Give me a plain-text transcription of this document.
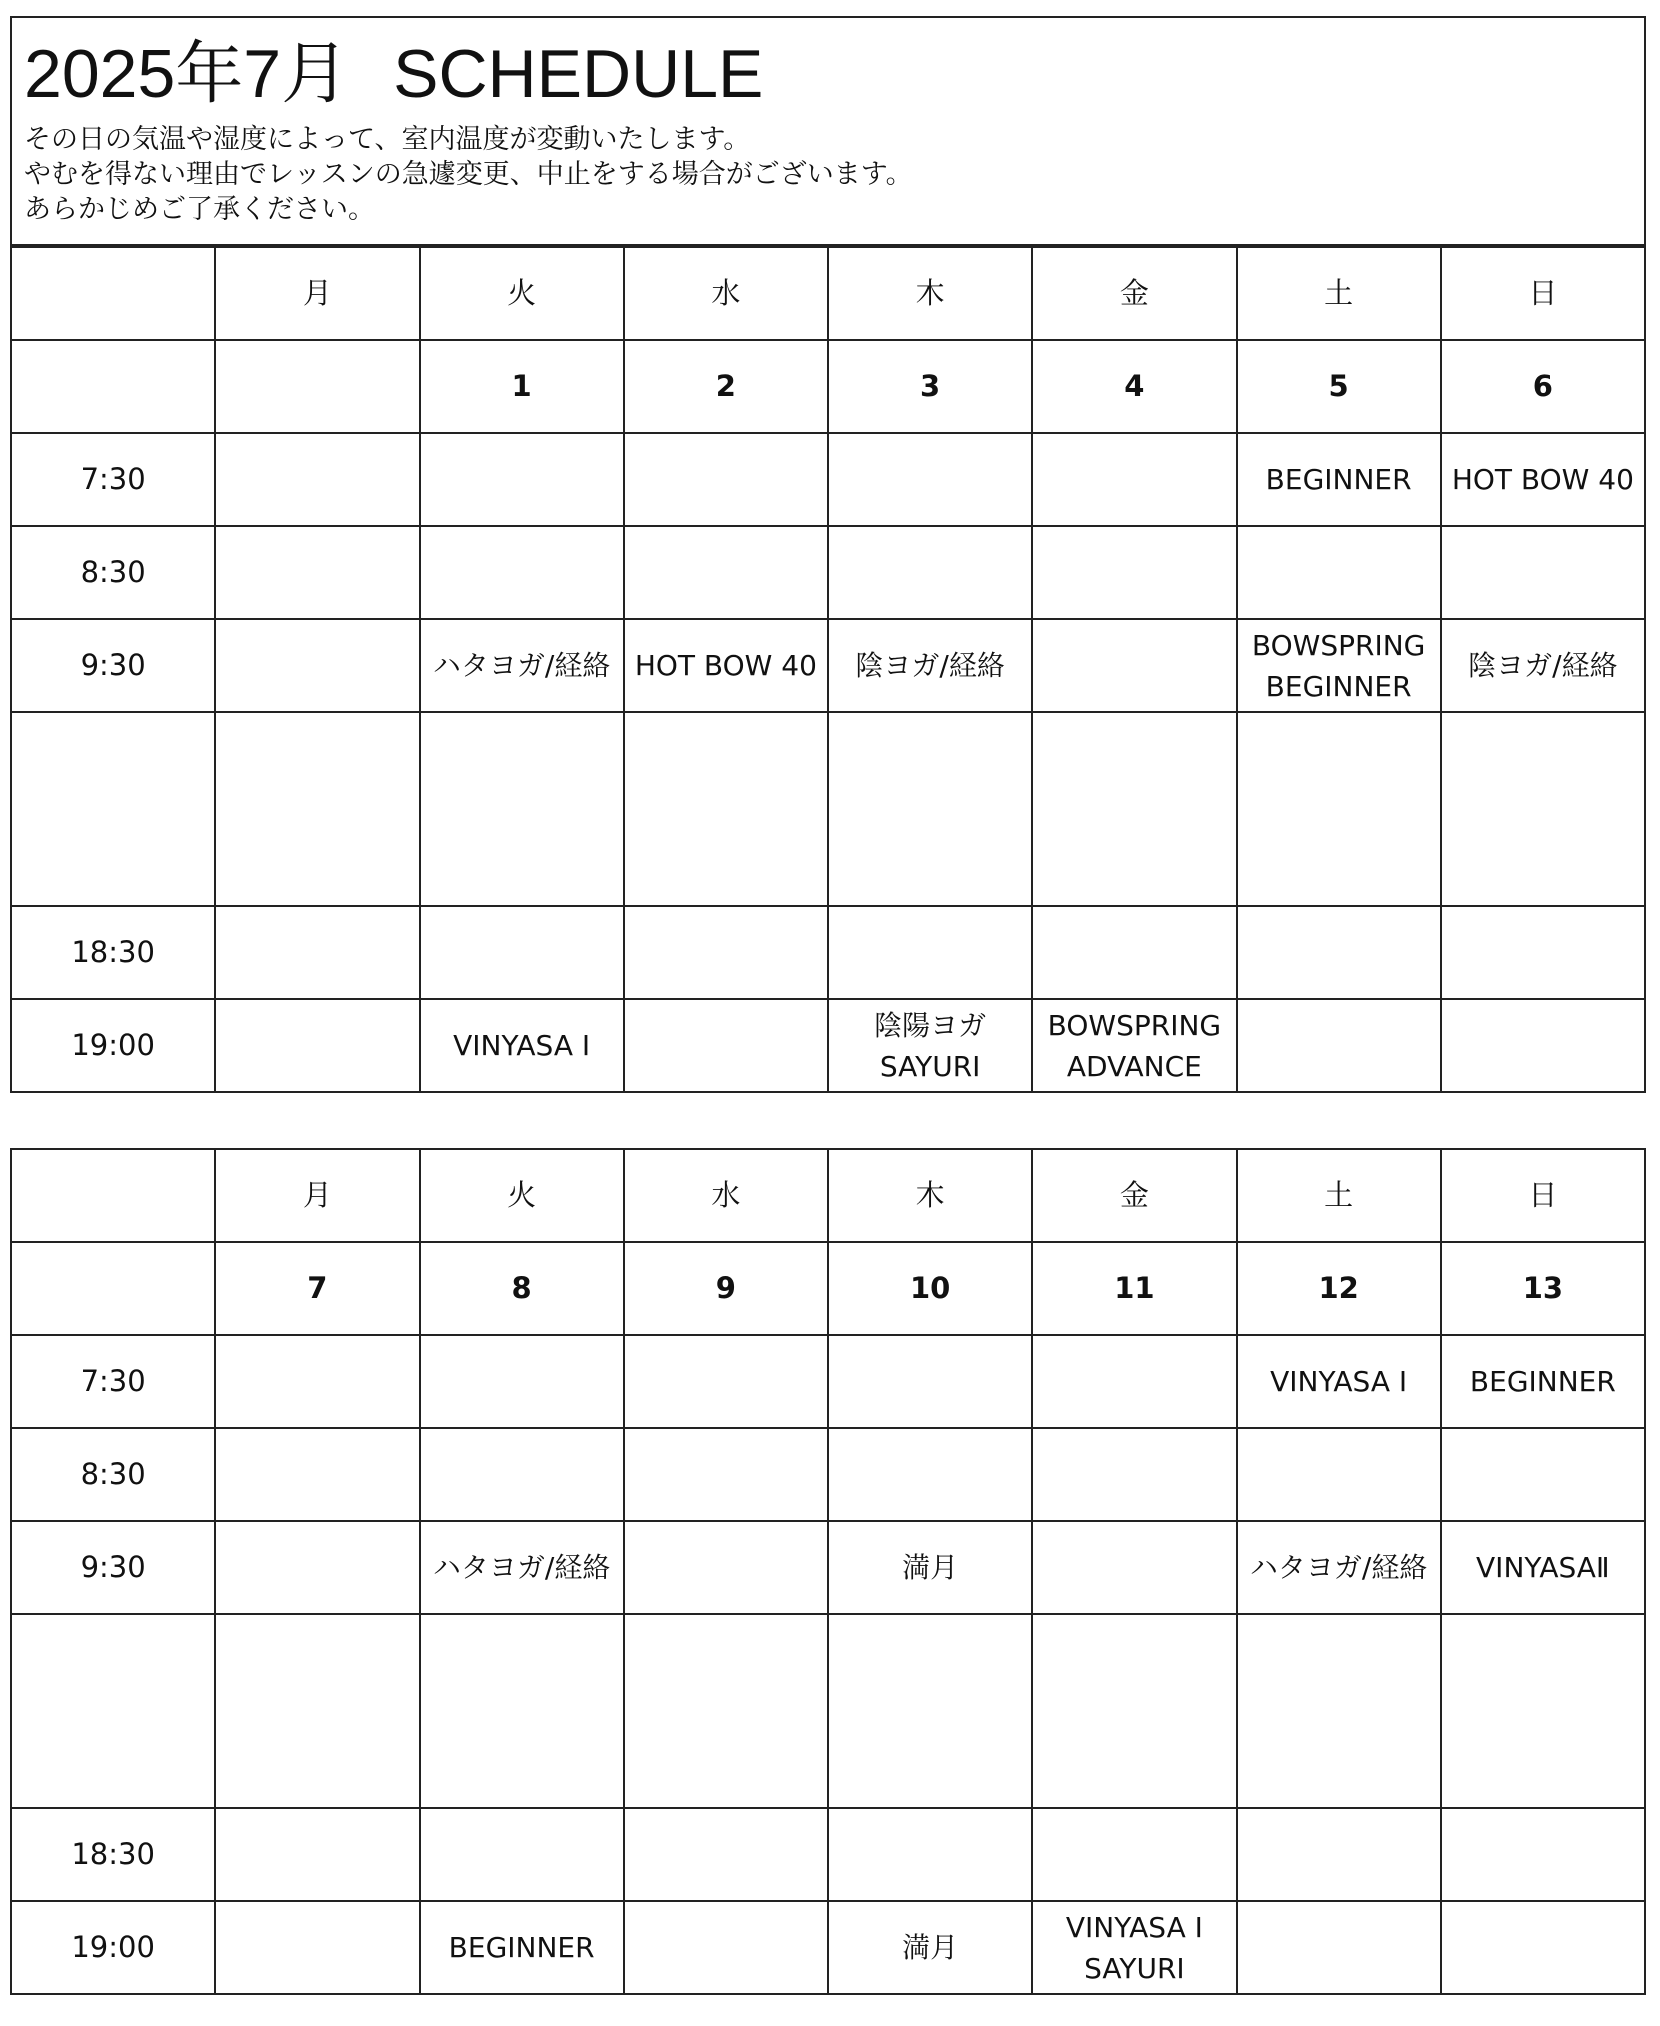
2025年7月 SCHEDULE
その日の気温や湿度によって、室内温度が変動いたします。
やむを得ない理由でレッスンの急遽変更、中止をする場合がございます。
あらかじめご了承ください。
	月	火	水	木	金	土	日
		1	2	3	4	5	6
7:30						BEGINNER	HOT BOW 40
8:30							
9:30		ハタヨガ/経絡	HOT BOW 40	陰ヨガ/経絡		BOWSPRING
BEGINNER	陰ヨガ/経絡

18:30							
19:00		VINYASA Ⅰ		陰陽ヨガ
SAYURI	BOWSPRING
ADVANCE		
	月	火	水	木	金	土	日
	7	8	9	10	11	12	13
7:30						VINYASA Ⅰ	BEGINNER
8:30							
9:30		ハタヨガ/経絡		満月		ハタヨガ/経絡	VINYASAⅡ

18:30							
19:00		BEGINNER		満月	VINYASA Ⅰ
SAYURI		
